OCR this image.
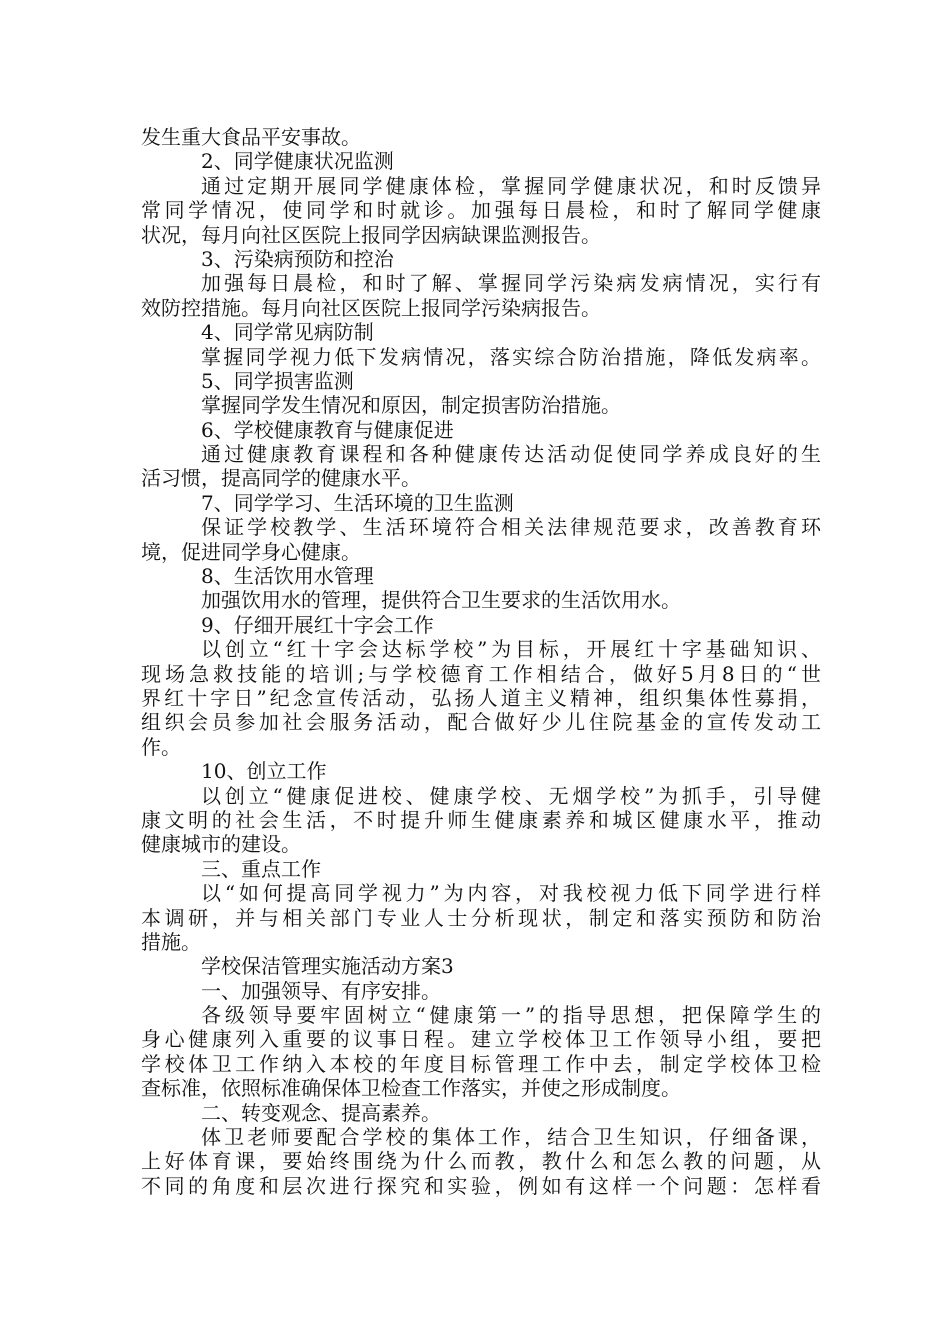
发生重大食品平安事故。
2、同学健康状况监测
通过定期开展同学健康体检，掌握同学健康状况，和时反馈异
常同学情况，使同学和时就诊。加强每日晨检，和时了解同学健康
状况，每月向社区医院上报同学因病缺课监测报告。
3、污染病预防和控治
加强每日晨检，和时了解、掌握同学污染病发病情况，实行有
效防控措施。每月向社区医院上报同学污染病报告。
4、同学常见病防制
掌握同学视力低下发病情况，落实综合防治措施，降低发病率。
5、同学损害监测
掌握同学发生情况和原因，制定损害防治措施。
6、学校健康教育与健康促进
通过健康教育课程和各种健康传达活动促使同学养成良好的生
活习惯，提高同学的健康水平。
7、同学学习、生活环境的卫生监测
保证学校教学、生活环境符合相关法律规范要求，改善教育环
境，促进同学身心健康。
8、生活饮用水管理
加强饮用水的管理，提供符合卫生要求的生活饮用水。
9、仔细开展红十字会工作
以创立“红十字会达标学校”为目标，开展红十字基础知识、
现场急救技能的培训;与学校德育工作相结合，做好5月8日的“世
界红十字日”纪念宣传活动，弘扬人道主义精神，组织集体性募捐，
组织会员参加社会服务活动，配合做好少儿住院基金的宣传发动工
作。
10、创立工作
以创立“健康促进校、健康学校、无烟学校”为抓手，引导健
康文明的社会生活，不时提升师生健康素养和城区健康水平，推动
健康城市的建设。
三、重点工作
以“如何提高同学视力”为内容，对我校视力低下同学进行样
本调研，并与相关部门专业人士分析现状，制定和落实预防和防治
措施。
学校保洁管理实施活动方案3
一、加强领导、有序安排。
各级领导要牢固树立“健康第一”的指导思想，把保障学生的
身心健康列入重要的议事日程。建立学校体卫工作领导小组，要把
学校体卫工作纳入本校的年度目标管理工作中去，制定学校体卫检
查标准，依照标准确保体卫检查工作落实，并使之形成制度。
二、转变观念、提高素养。
体卫老师要配合学校的集体工作，结合卫生知识，仔细备课，
上好体育课，要始终围绕为什么而教，教什么和怎么教的问题，从
不同的角度和层次进行探究和实验，例如有这样一个问题：怎样看
